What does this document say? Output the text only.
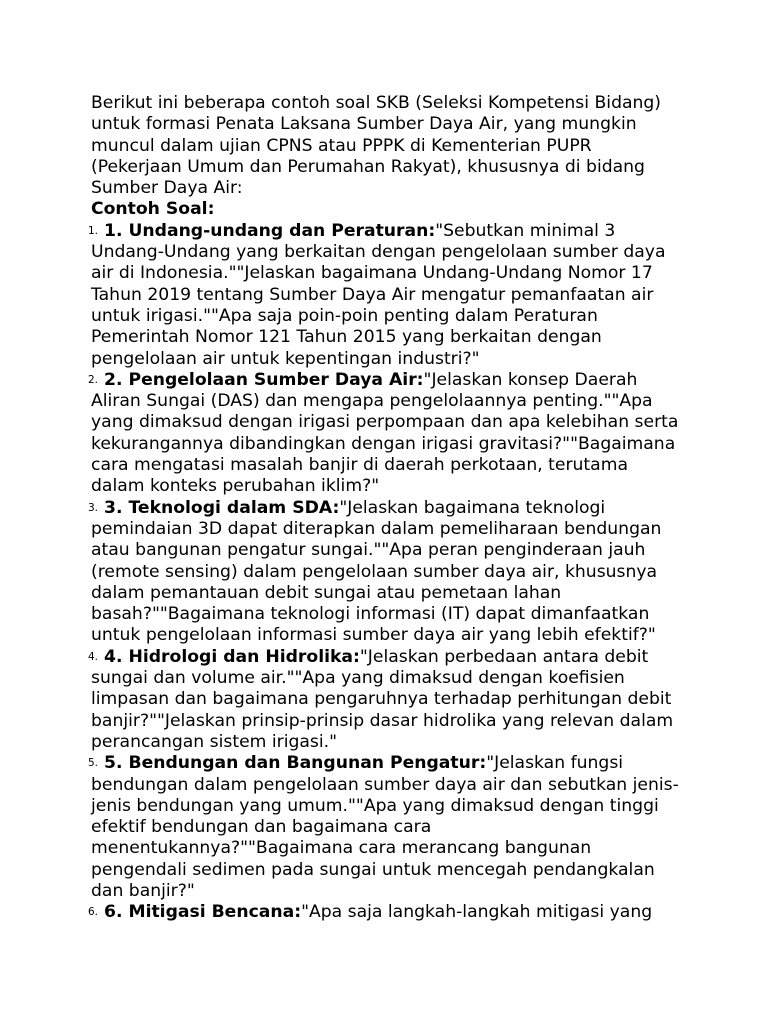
Berikut ini beberapa contoh soal SKB (Seleksi Kompetensi Bidang) untuk formasi Penata Laksana Sumber Daya Air, yang mungkin muncul dalam ujian CPNS atau PPPK di Kementerian PUPR (Pekerjaan Umum dan Perumahan Rakyat), khususnya di bidang Sumber Daya Air:

Contoh Soal:

1. 1. Undang-undang dan Peraturan:"Sebutkan minimal 3 Undang-Undang yang berkaitan dengan pengelolaan sumber daya air di Indonesia.""Jelaskan bagaimana Undang-Undang Nomor 17 Tahun 2019 tentang Sumber Daya Air mengatur pemanfaatan air untuk irigasi.""Apa saja poin-poin penting dalam Peraturan Pemerintah Nomor 121 Tahun 2015 yang berkaitan dengan pengelolaan air untuk kepentingan industri?"
2. 2. Pengelolaan Sumber Daya Air:"Jelaskan konsep Daerah Aliran Sungai (DAS) dan mengapa pengelolaannya penting.""Apa yang dimaksud dengan irigasi perpompaan dan apa kelebihan serta kekurangannya dibandingkan dengan irigasi gravitasi?""Bagaimana cara mengatasi masalah banjir di daerah perkotaan, terutama dalam konteks perubahan iklim?"
3. 3. Teknologi dalam SDA:"Jelaskan bagaimana teknologi pemindaian 3D dapat diterapkan dalam pemeliharaan bendungan atau bangunan pengatur sungai.""Apa peran penginderaan jauh (remote sensing) dalam pengelolaan sumber daya air, khususnya dalam pemantauan debit sungai atau pemetaan lahan basah?""Bagaimana teknologi informasi (IT) dapat dimanfaatkan untuk pengelolaan informasi sumber daya air yang lebih efektif?"
4. 4. Hidrologi dan Hidrolika:"Jelaskan perbedaan antara debit sungai dan volume air.""Apa yang dimaksud dengan koefisien limpasan dan bagaimana pengaruhnya terhadap perhitungan debit banjir?""Jelaskan prinsip-prinsip dasar hidrolika yang relevan dalam perancangan sistem irigasi."
5. 5. Bendungan dan Bangunan Pengatur:"Jelaskan fungsi bendungan dalam pengelolaan sumber daya air dan sebutkan jenis-jenis bendungan yang umum.""Apa yang dimaksud dengan tinggi efektif bendungan dan bagaimana cara menentukannya?""Bagaimana cara merancang bangunan pengendali sedimen pada sungai untuk mencegah pendangkalan dan banjir?"
6. 6. Mitigasi Bencana:"Apa saja langkah-langkah mitigasi yang
